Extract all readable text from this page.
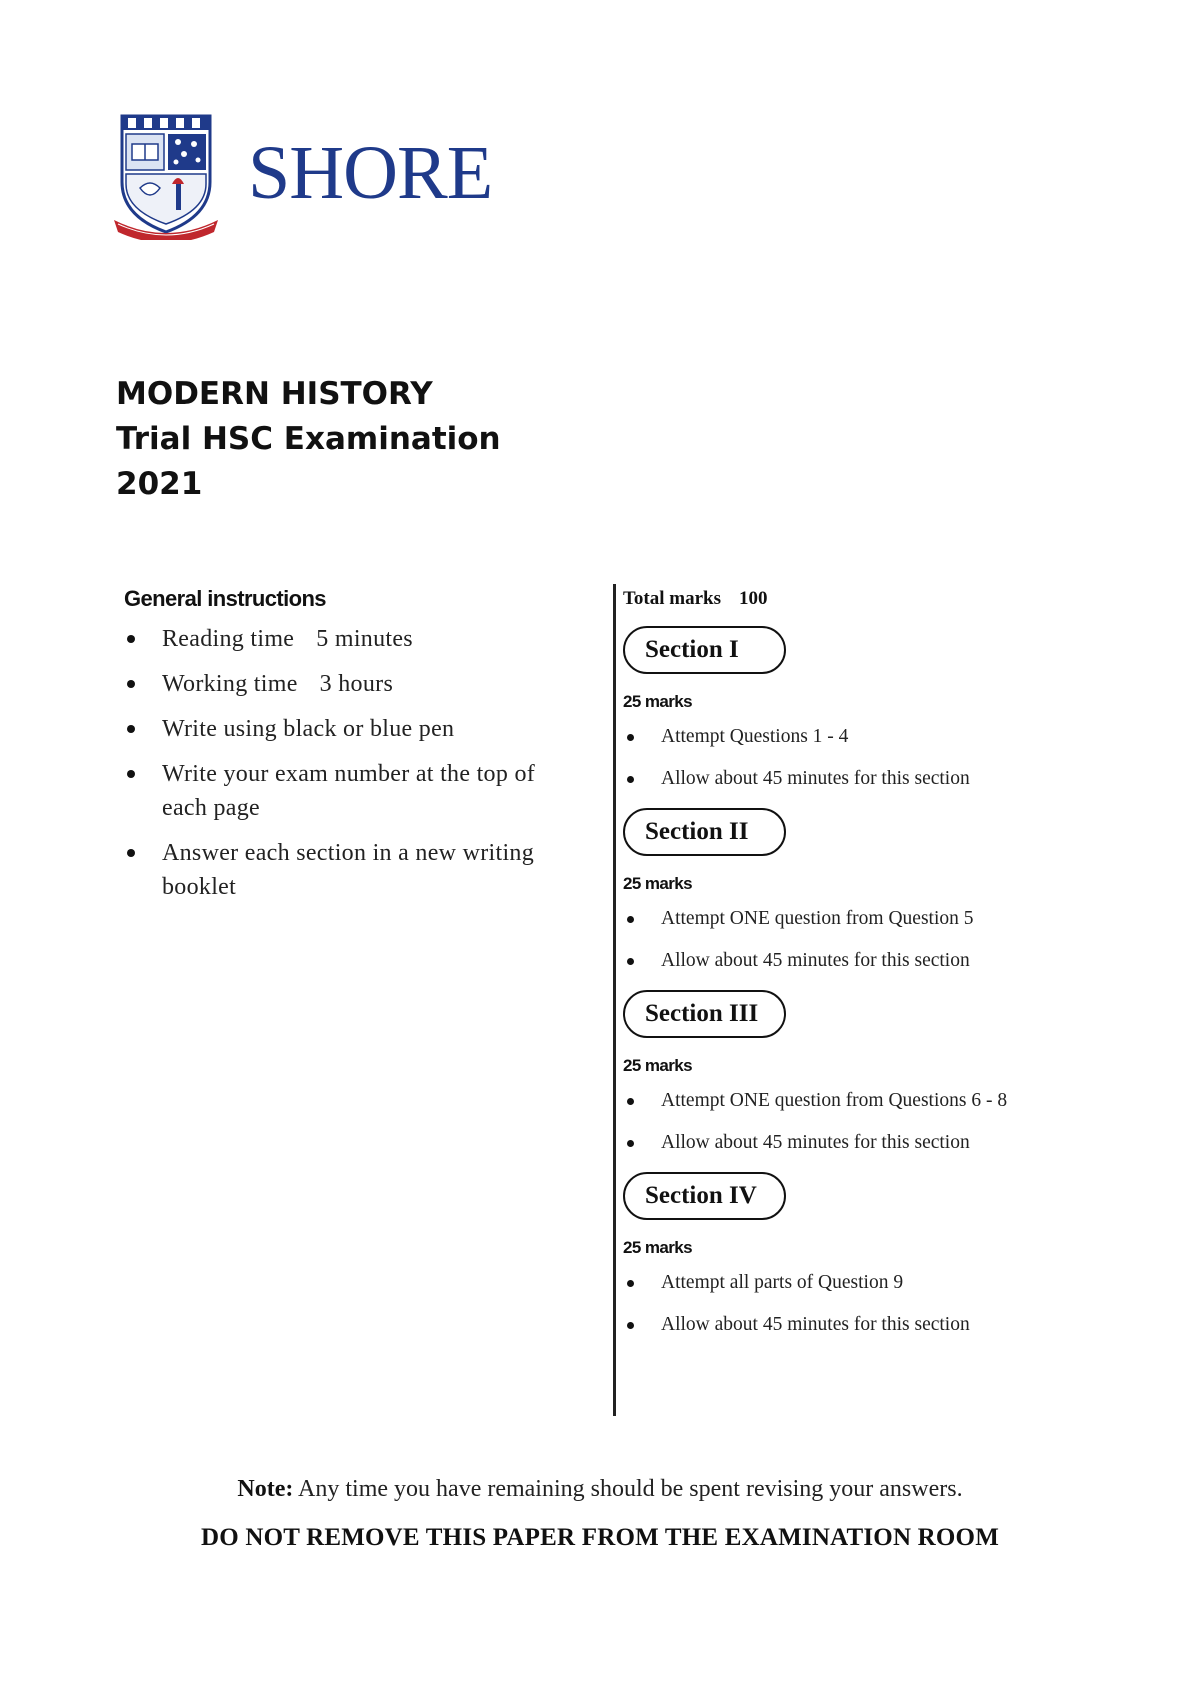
SHORE
MODERN HISTORY
Trial HSC Examination
2021
General instructions
Reading time 5 minutes
Working time 3 hours
Write using black or blue pen
Write your exam number at the top of each page
Answer each section in a new writing booklet
Total marks 100
Section I
25 marks
Attempt Questions 1 - 4
Allow about 45 minutes for this section
Section II
25 marks
Attempt ONE question from Question 5
Allow about 45 minutes for this section
Section III
25 marks
Attempt ONE question from Questions 6 - 8
Allow about 45 minutes for this section
Section IV
25 marks
Attempt all parts of Question 9
Allow about 45 minutes for this section
Note: Any time you have remaining should be spent revising your answers.
DO NOT REMOVE THIS PAPER FROM THE EXAMINATION ROOM
